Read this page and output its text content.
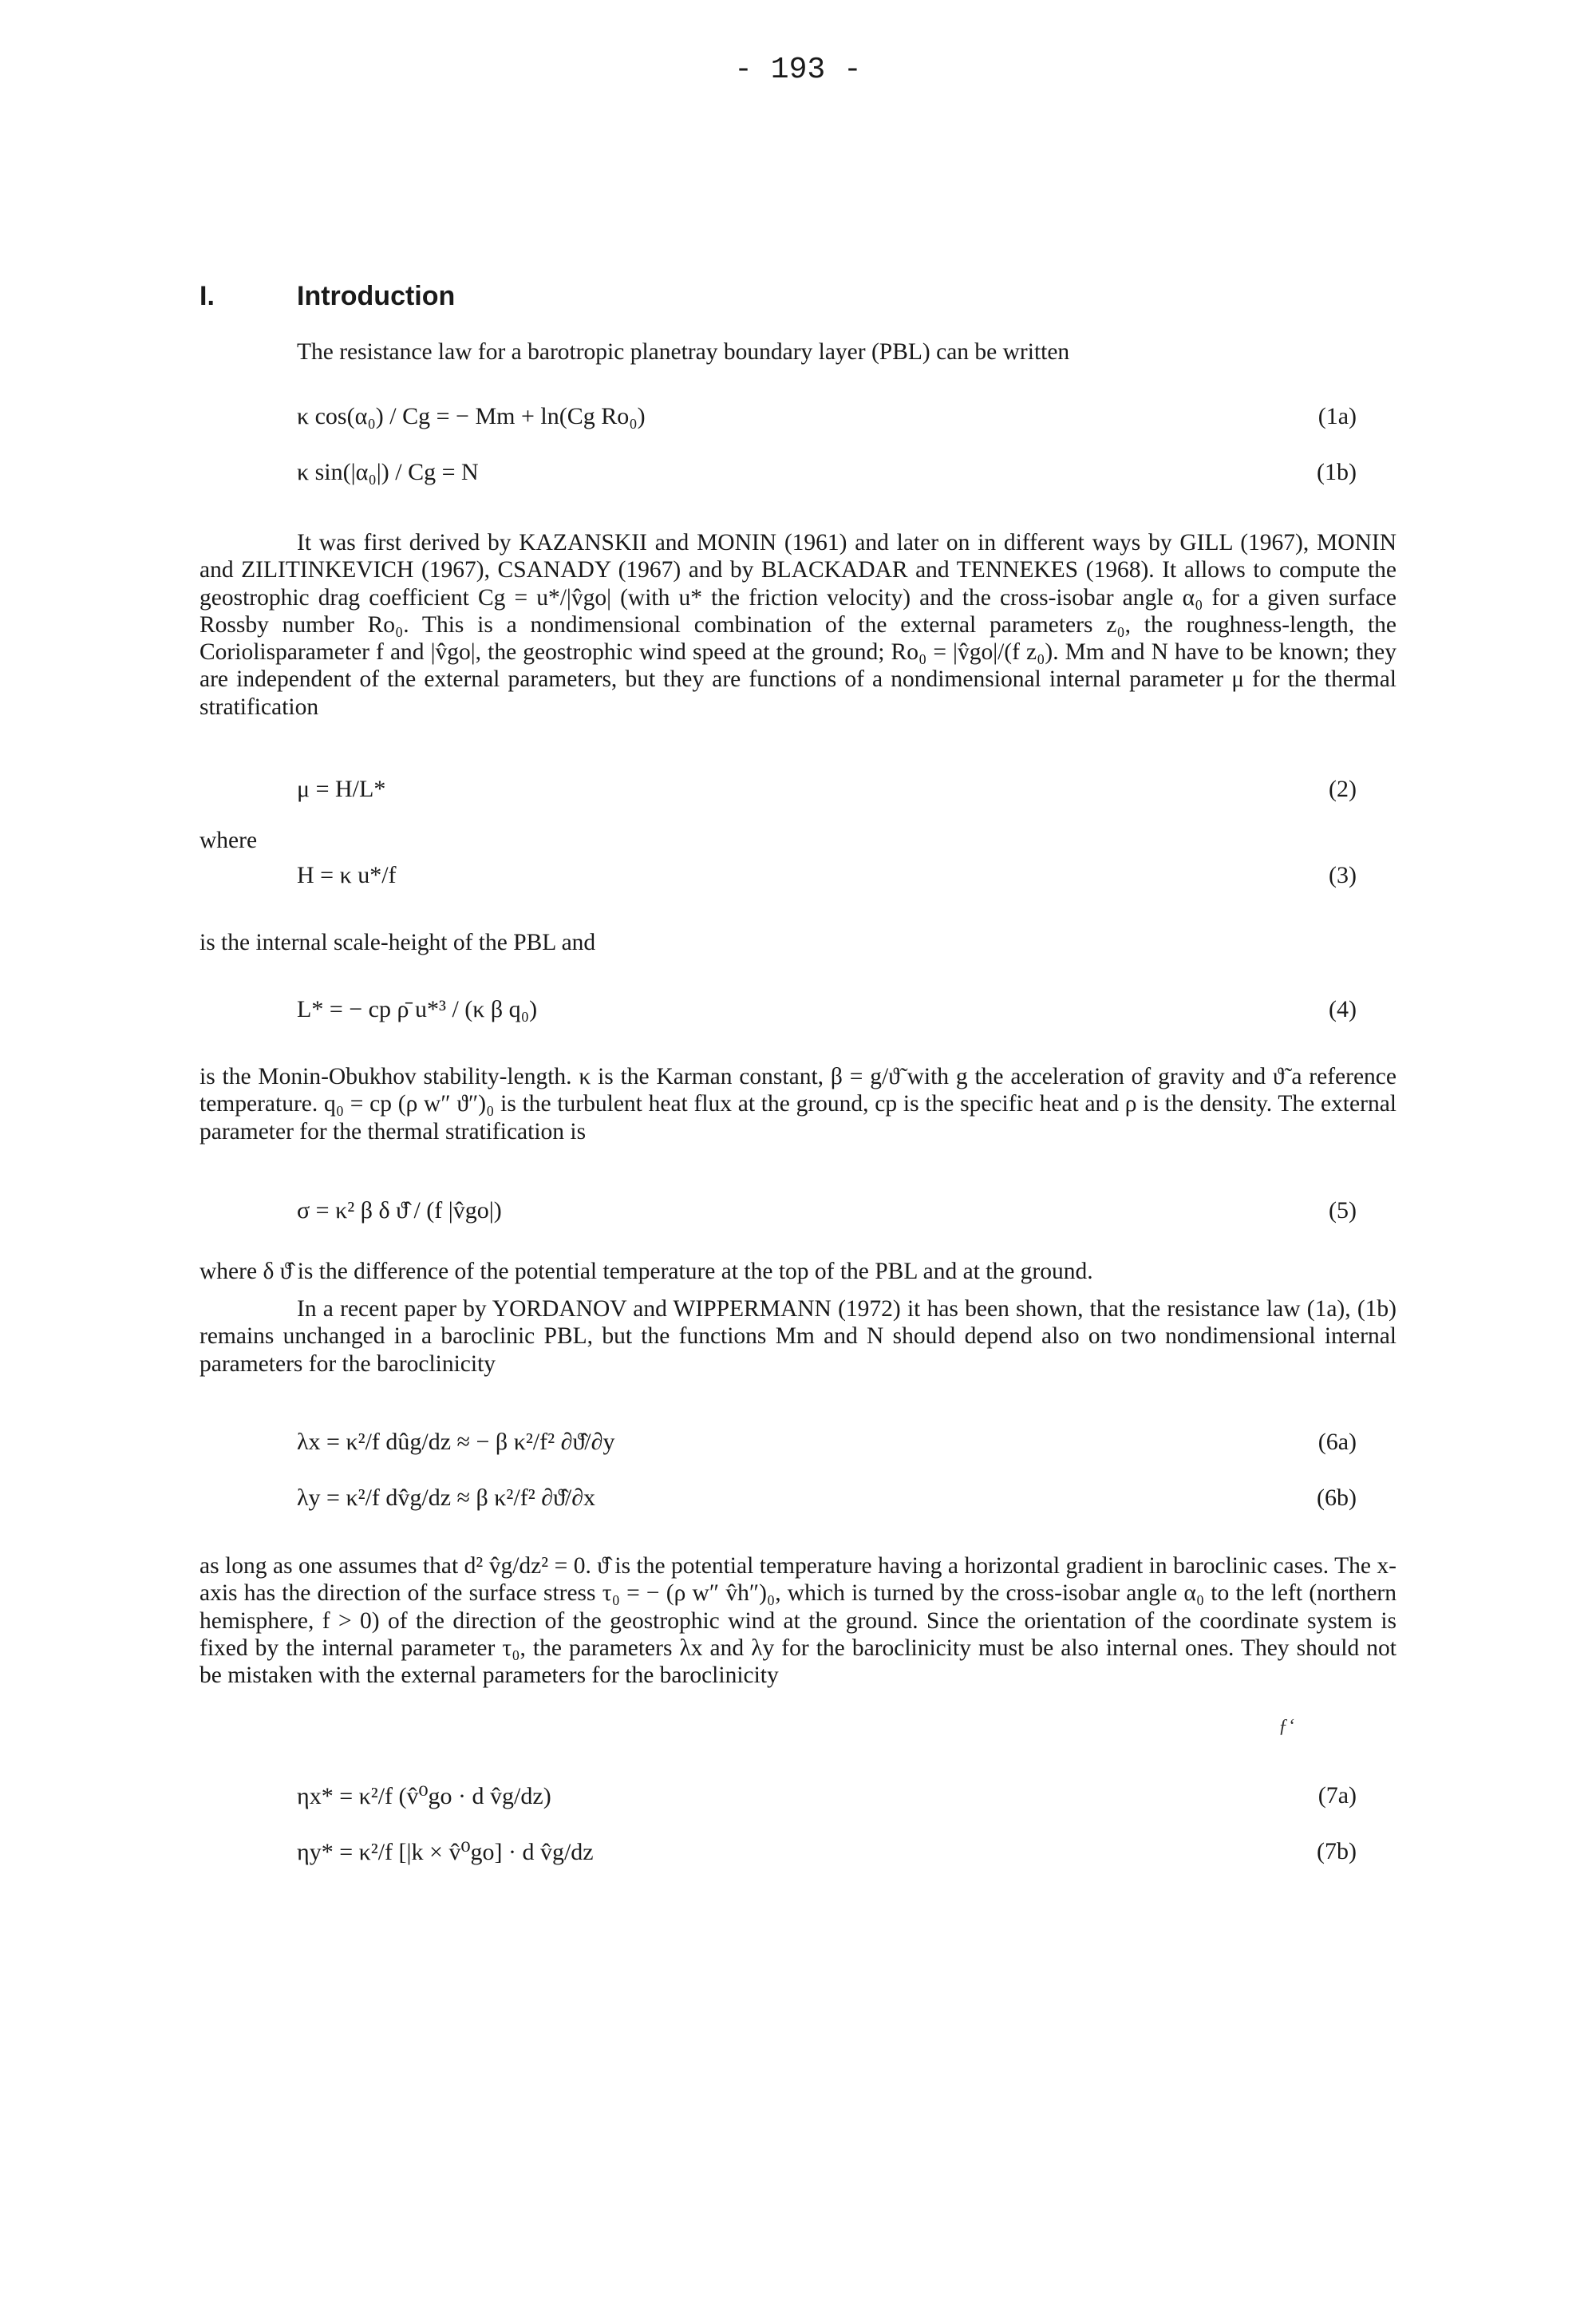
- 193 -
I.	Introduction
The resistance law for a barotropic planetray boundary layer (PBL) can be written
κ cos(α₀) / Cg = − Mm + ln(Cg Ro₀)	(1a)
κ sin(|α₀|) / Cg = N	(1b)

It was first derived by KAZANSKII and MONIN (1961) and later on in different ways by GILL (1967), MONIN and ZILITINKEVICH (1967), CSANADY (1967) and by BLACKADAR and TENNEKES (1968). It allows to compute the geostrophic drag coefficient Cg = u*/|v̂go| (with u* the friction velocity) and the cross-isobar angle α₀ for a given surface Rossby number Ro₀. This is a nondimensional combination of the external parameters z₀, the roughness-length, the Coriolisparameter f and |v̂go|, the geostrophic wind speed at the ground; Ro₀ = |v̂go|/(f z₀). Mm and N have to be known; they are independent of the external parameters, but they are functions of a nondimensional internal parameter μ for the thermal stratification

μ = H/L*	(2)
where
H = κ u*/f	(3)
is the internal scale-height of the PBL and
L* = − cp ρ̄ u*³ / (κ β q₀)	(4)

is the Monin-Obukhov stability-length. κ is the Karman constant, β = g/ϑ̃ with g the acceleration of gravity and ϑ̃ a reference temperature. q₀ = cp (ρ w″ ϑ″)₀ is the turbulent heat flux at the ground, cp is the specific heat and ρ is the density. The external parameter for the thermal stratification is

σ = κ² β δ ϑ̂ / (f |v̂go|)	(5)
where δ ϑ̂ is the difference of the potential temperature at the top of the PBL and at the ground.

In a recent paper by YORDANOV and WIPPERMANN (1972) it has been shown, that the resistance law (1a), (1b) remains unchanged in a baroclinic PBL, but the functions Mm and N should depend also on two nondimensional internal parameters for the baroclinicity

λx = κ²/f dûg/dz ≈ − β κ²/f² ∂ϑ̂/∂y	(6a)
λy = κ²/f dv̂g/dz ≈ β κ²/f² ∂ϑ̂/∂x	(6b)

as long as one assumes that d² v̂g/dz² = 0. ϑ̂ is the potential temperature having a horizontal gradient in baroclinic cases. The x-axis has the direction of the surface stress τ₀ = − (ρ w″ v̂h″)₀, which is turned by the cross-isobar angle α₀ to the left (northern hemisphere, f > 0) of the direction of the geostrophic wind at the ground. Since the orientation of the coordinate system is fixed by the internal parameter τ₀, the parameters λx and λy for the baroclinicity must be also internal ones. They should not be mistaken with the external parameters for the baroclinicity

ƒ‘
ηx* = κ²/f (v̂⁰go · d v̂g/dz)	(7a)
ηy* = κ²/f [|k × v̂⁰go] · d v̂g/dz	(7b)
